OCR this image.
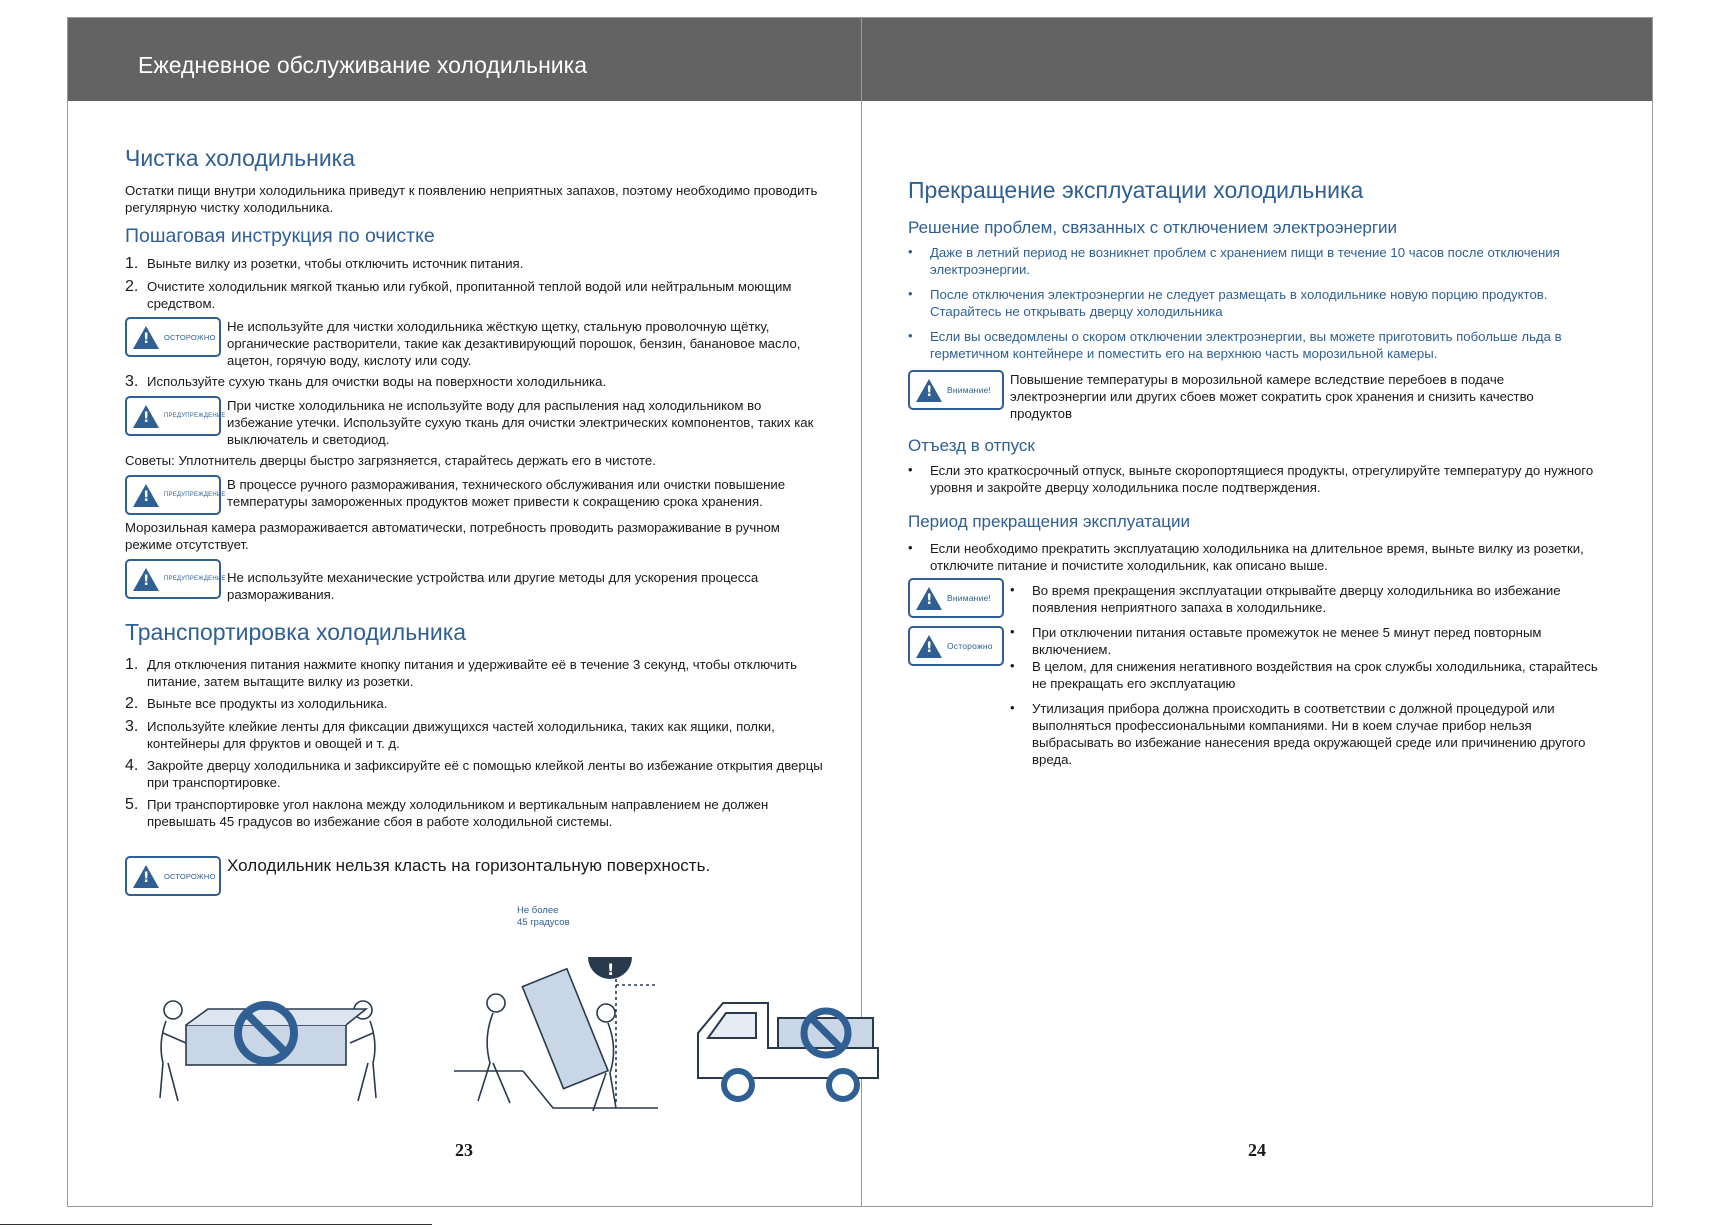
Ежедневное обслуживание холодильника
Чистка холодильника

Остатки пищи внутри холодильника приведут к появлению неприятных запахов, поэтому необходимо проводить регулярную чистку холодильника.

Пошаговая инструкция по очистке
1. Выньте вилку из розетки, чтобы отключить источник питания.

2. Очистите холодильник мягкой тканью или губкой, пропитанной теплой водой или нейтральным моющим средством.

!
ОСТОРОЖНО

Не используйте для чистки холодильника жёсткую щетку, стальную проволочную щётку, органические растворители, такие как дезактивирующий порошок, бензин, банановое масло, ацетон, горячую воду, кислоту или соду.

3. Используйте сухую ткань для очистки воды на поверхности холодильника.

!
ПРЕДУПРЕЖДЕНИЕ

При чистке холодильника не используйте воду для распыления над холодильником во избежание утечки. Используйте сухую ткань для очистки электрических компонентов, таких как выключатель и светодиод.

Советы: Уплотнитель дверцы быстро загрязняется, старайтесь держать его в чистоте.

!
ПРЕДУПРЕЖДЕНИЕ

В процессе ручного размораживания, технического обслуживания или очистки повышение температуры замороженных продуктов может привести к сокращению срока хранения.

Морозильная камера размораживается автоматически, потребность проводить размораживание в ручном режиме отсутствует.

!
ПРЕДУПРЕЖДЕНИЕ Не используйте механические устройства или другие методы для ускорения процесса размораживания.

Транспортировка холодильника
1. Для отключения питания нажмите кнопку питания и удерживайте её в течение 3 секунд, чтобы отключить питание, затем вытащите вилку из розетки.

2. Выньте все продукты из холодильника.

3. Используйте клейкие ленты для фиксации движущихся частей холодильника, таких как ящики, полки, контейнеры для фруктов и овощей и т. д.

4. Закройте дверцу холодильника и зафиксируйте её с помощью клейкой ленты во избежание открытия дверцы при транспортировке.

5. При транспортировке угол наклона между холодильником и вертикальным направлением не должен превышать 45 градусов во избежание сбоя в работе холодильной системы.

!
ОСТОРОЖНО

Холодильник нельзя класть на горизонтальную поверхность.

Не более
45 градусов
!
23
Прекращение эксплуатации холодильника
Решение проблем, связанных с отключением электроэнергии
•	Даже в летний период не возникнет проблем с хранением пищи в течение 10 часов после отключения электроэнергии.

•	После отключения электроэнергии не следует размещать в холодильнике новую порцию продуктов. Старайтесь не открывать дверцу холодильника

•	Если вы осведомлены о скором отключении электроэнергии, вы можете приготовить побольше льда в герметичном контейнере и поместить его на верхнюю часть морозильной камеры.

!
Внимание!

Повышение температуры в морозильной камере вследствие перебоев в подаче электроэнергии или других сбоев может сократить срок хранения и снизить качество продуктов

Отъезд в отпуск
•	Если это краткосрочный отпуск, выньте скоропортящиеся продукты, отрегулируйте температуру до нужного уровня и закройте дверцу холодильника после подтверждения.

Период прекращения эксплуатации
•	Если необходимо прекратить эксплуатацию холодильника на длительное время, выньте вилку из розетки, отключите питание и почистите холодильник, как описано выше.

!
Внимание!
!
Осторожно
•	Во время прекращения эксплуатации открывайте дверцу холодильника во избежание появления неприятного запаха в холодильнике.

•	При отключении питания оставьте промежуток не менее 5 минут перед повторным включением.

•	В целом, для снижения негативного воздействия на срок службы холодильника, старайтесь не прекращать его эксплуатацию

•	Утилизация прибора должна происходить в соответствии с должной процедурой или выполняться профессиональными компаниями. Ни в коем случае прибор нельзя выбрасывать во избежание нанесения вреда окружающей среде или причинению другого вреда.

24
